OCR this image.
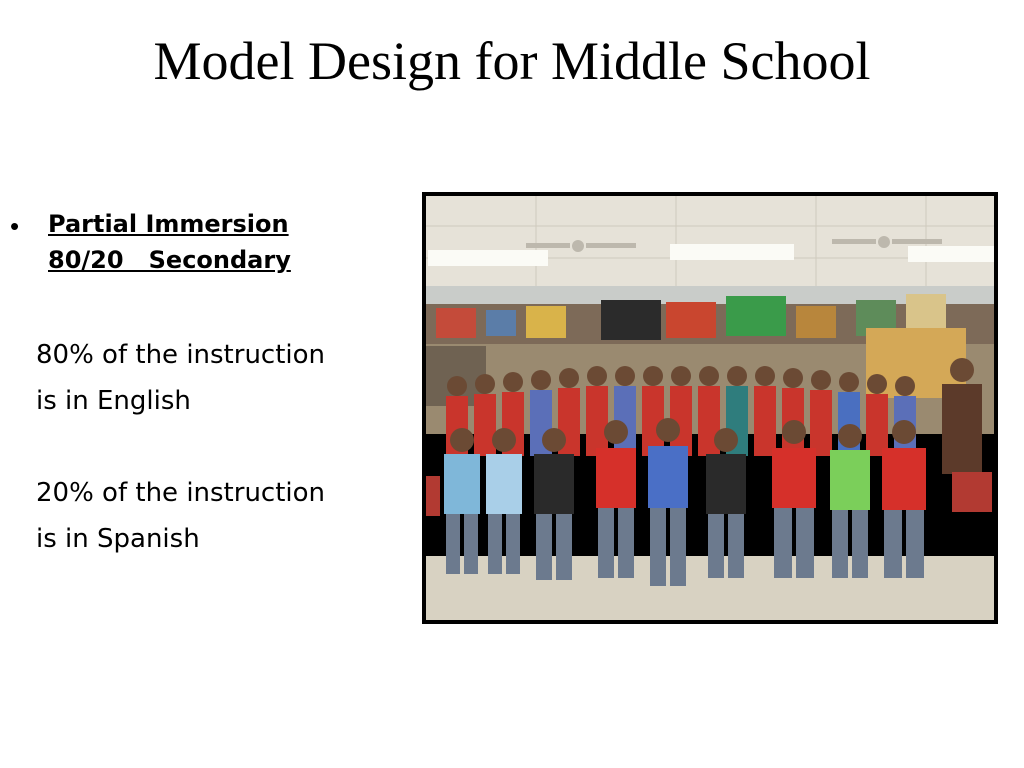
Model Design for Middle School
• Partial Immersion
80/20   Secondary
80% of the instruction
is in English
20% of the instruction
is in Spanish
